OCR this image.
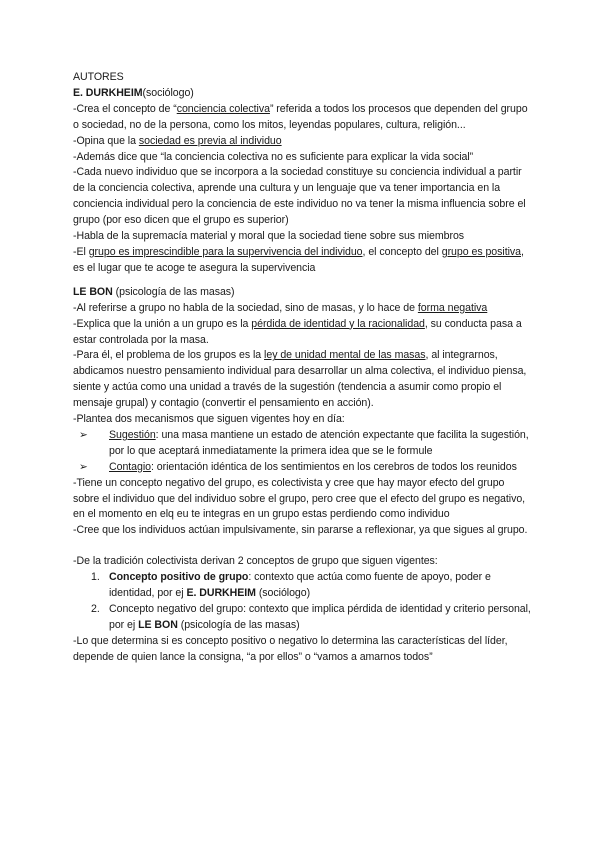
AUTORES

E. DURKHEIM(sociólogo)

-Crea el concepto de “conciencia colectiva” referida a todos los procesos que dependen del grupo o sociedad, no de la persona, como los mitos, leyendas populares, cultura, religión...

-Opina que la sociedad es previa al individuo

-Además dice que “la conciencia colectiva no es suficiente para explicar la vida social”

-Cada nuevo individuo que se incorpora a la sociedad constituye su conciencia individual a partir de la conciencia colectiva, aprende una cultura y un lenguaje que va tener importancia en la conciencia individual pero la conciencia de este individuo no va tener la misma influencia sobre el grupo (por eso dicen que el grupo es superior)

-Habla de la supremacía material y moral que la sociedad tiene sobre sus miembros

-El grupo es imprescindible para la supervivencia del individuo, el concepto del grupo es positiva, es el lugar que te acoge te asegura la supervivencia

LE BON (psicología de las masas)

-Al referirse a grupo no habla de la sociedad, sino de masas, y lo hace de forma negativa

-Explica que la unión a un grupo es la pérdida de identidad y la racionalidad, su conducta pasa a estar controlada por la masa.

-Para él, el problema de los grupos es la ley de unidad mental de las masas, al integrarnos, abdicamos nuestro pensamiento individual para desarrollar un alma colectiva, el individuo piensa, siente y actúa como una unidad a través de la sugestión (tendencia a asumir como propio el mensaje grupal) y contagio (convertir el pensamiento en acción).

-Plantea dos mecanismos que siguen vigentes hoy en día:

➢ Sugestión: una masa mantiene un estado de atención expectante que facilita la sugestión, por lo que aceptará inmediatamente la primera idea que se le formule
➢ Contagio: orientación idéntica de los sentimientos en los cerebros de todos los reunidos

-Tiene un concepto negativo del grupo, es colectivista y cree que hay mayor efecto del grupo sobre el individuo que del individuo sobre el grupo, pero cree que el efecto del grupo es negativo, en el momento en elq eu te integras en un grupo estas perdiendo como individuo

-Cree que los individuos actúan impulsivamente, sin pararse a reflexionar, ya que sigues al grupo.

-De la tradición colectivista derivan 2 conceptos de grupo que siguen vigentes:

1. Concepto positivo de grupo: contexto que actúa como fuente de apoyo, poder e identidad, por ej E. DURKHEIM (sociólogo)
2. Concepto negativo del grupo: contexto que implica pérdida de identidad y criterio personal, por ej LE BON (psicología de las masas)

-Lo que determina si es concepto positivo o negativo lo determina las características del líder, depende de quien lance la consigna, “a por ellos” o “vamos a amarnos todos”
